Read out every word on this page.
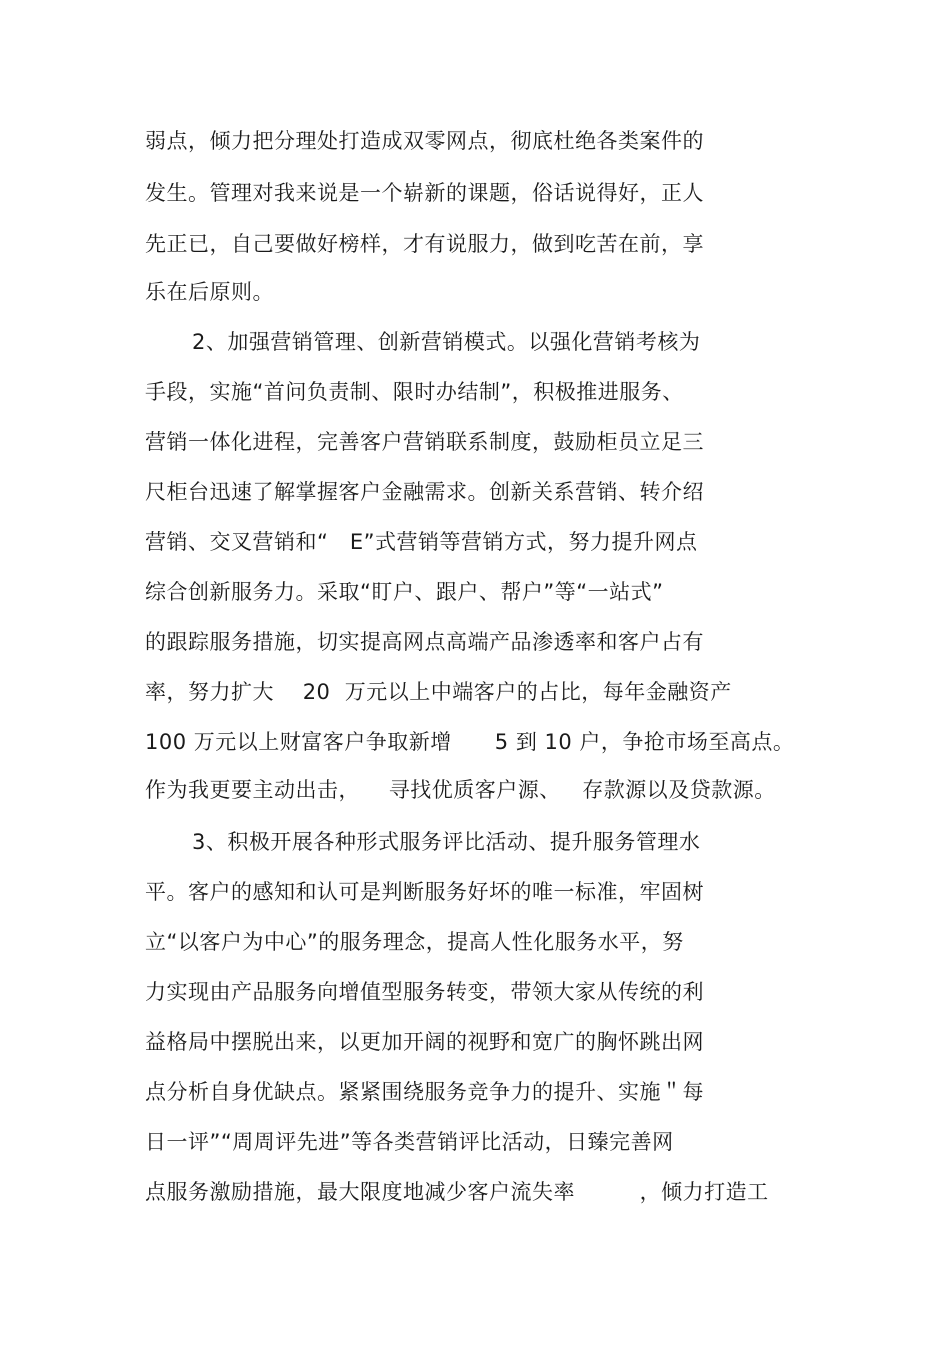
弱点，倾力把分理处打造成双零网点，彻底杜绝各类案件的

发生。管理对我来说是一个崭新的课题，俗话说得好，正人

先正已，自己要做好榜样，才有说服力，做到吃苦在前，享

乐在后原则。

2、加强营销管理、创新营销模式。以强化营销考核为

手段，实施“首问负责制、限时办结制”，积极推进服务、

营销一体化进程，完善客户营销联系制度，鼓励柜员立足三

尺柜台迅速了解掌握客户金融需求。创新关系营销、转介绍

营销、交叉营销和“   E”式营销等营销方式，努力提升网点

综合创新服务力。采取“盯户、跟户、帮户”等“一站式”

的跟踪服务措施，切实提高网点高端产品渗透率和客户占有

率，努力扩大    20  万元以上中端客户的占比，每年金融资产

100 万元以上财富客户争取新增      5 到 10 户，争抢市场至高点。

作为我更要主动出击，    寻找优质客户源、   存款源以及贷款源。

3、积极开展各种形式服务评比活动、提升服务管理水

平。客户的感知和认可是判断服务好坏的唯一标准，牢固树

立“以客户为中心”的服务理念，提高人性化服务水平，努

力实现由产品服务向增值型服务转变，带领大家从传统的利

益格局中摆脱出来，以更加开阔的视野和宽广的胸怀跳出网

点分析自身优缺点。紧紧围绕服务竞争力的提升、实施＂每

日一评”“周周评先进”等各类营销评比活动，日臻完善网

点服务激励措施，最大限度地减少客户流失率         ，倾力打造工
